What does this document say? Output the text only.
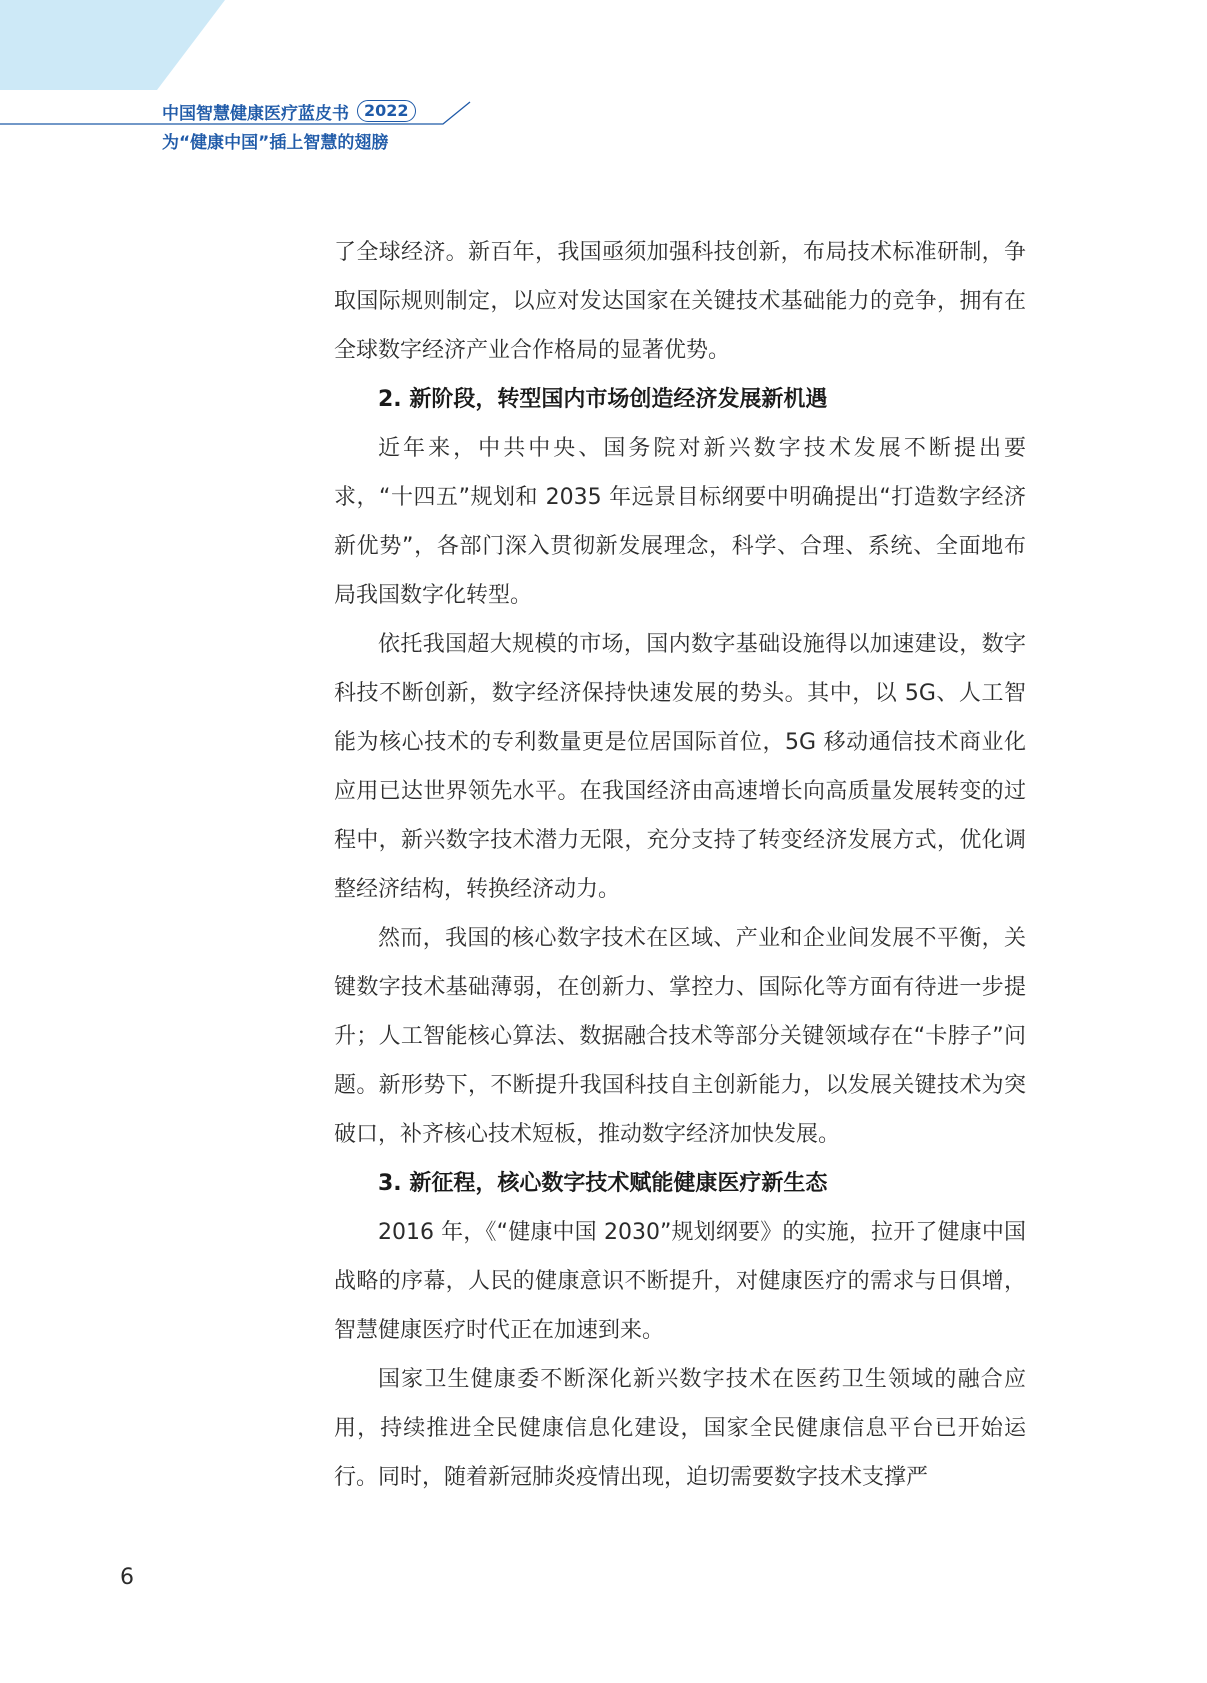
中国智慧健康医疗蓝皮书 2022
为“健康中国”插上智慧的翅膀

了全球经济。新百年，我国亟须加强科技创新，布局技术标准研制，争取国际规则制定，以应对发达国家在关键技术基础能力的竞争，拥有在全球数字经济产业合作格局的显著优势。

2. 新阶段，转型国内市场创造经济发展新机遇

近年来，中共中央、国务院对新兴数字技术发展不断提出要求，“十四五”规划和 2035 年远景目标纲要中明确提出“打造数字经济新优势”，各部门深入贯彻新发展理念，科学、合理、系统、全面地布局我国数字化转型。

依托我国超大规模的市场，国内数字基础设施得以加速建设，数字科技不断创新，数字经济保持快速发展的势头。其中，以 5G、人工智能为核心技术的专利数量更是位居国际首位，5G 移动通信技术商业化应用已达世界领先水平。在我国经济由高速增长向高质量发展转变的过程中，新兴数字技术潜力无限，充分支持了转变经济发展方式，优化调整经济结构，转换经济动力。

然而，我国的核心数字技术在区域、产业和企业间发展不平衡，关键数字技术基础薄弱，在创新力、掌控力、国际化等方面有待进一步提升；人工智能核心算法、数据融合技术等部分关键领域存在“卡脖子”问题。新形势下，不断提升我国科技自主创新能力，以发展关键技术为突破口，补齐核心技术短板，推动数字经济加快发展。

3. 新征程，核心数字技术赋能健康医疗新生态

2016 年，《“健康中国 2030”规划纲要》的实施，拉开了健康中国战略的序幕，人民的健康意识不断提升，对健康医疗的需求与日俱增，智慧健康医疗时代正在加速到来。

国家卫生健康委不断深化新兴数字技术在医药卫生领域的融合应用，持续推进全民健康信息化建设，国家全民健康信息平台已开始运行。同时，随着新冠肺炎疫情出现，迫切需要数字技术支撑严

6
